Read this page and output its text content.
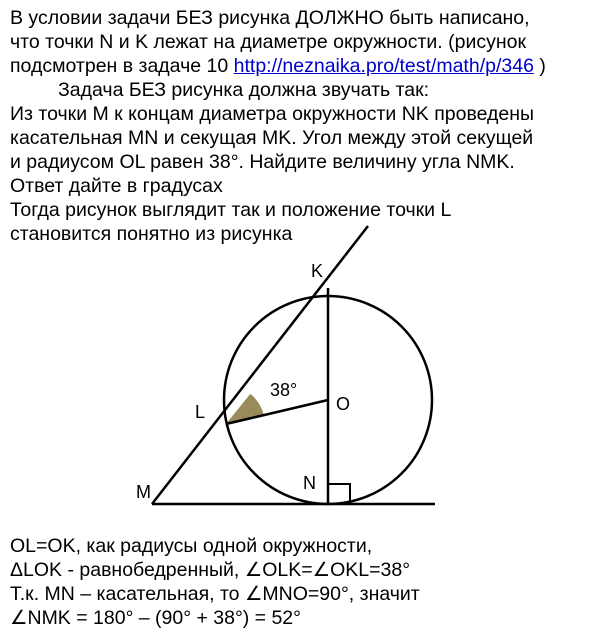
В условии задачи БЕЗ рисунка ДОЛЖНО быть написано,
что точки N и K лежат на диаметре окружности. (рисунок
подсмотрен в задаче 10 http://neznaika.pro/test/math/p/346 )
Задача БЕЗ рисунка должна звучать так:
Из точки M к концам диаметра окружности NK проведены
касательная MN и секущая MK. Угол между этой секущей
и радиусом OL равен 38°. Найдите величину угла NMK.
Ответ дайте в градусах
Тогда рисунок выглядит так и положение точки L
становится понятно из рисунка
K
L	O
M	N
38°
OL=OK, как радиусы одной окружности,
ΔLOK - равнобедренный, ∠OLK=∠OKL=38°
Т.к. MN – касательная, то ∠MNO=90°, значит
∠NMK = 180° – (90° + 38°) = 52°
